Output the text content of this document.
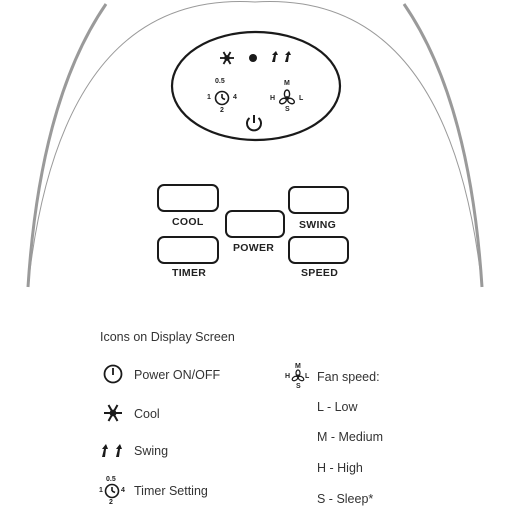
0.5
1	4
2
M
H	L
S
COOL
TIMER
POWER
SWING
SPEED
Icons on Display Screen
Power ON/OFF
Cool
Swing
Timer Setting
0.5
1	4
2
M
H L
S
Fan speed:
L - Low
M - Medium
H - High
S - Sleep*
